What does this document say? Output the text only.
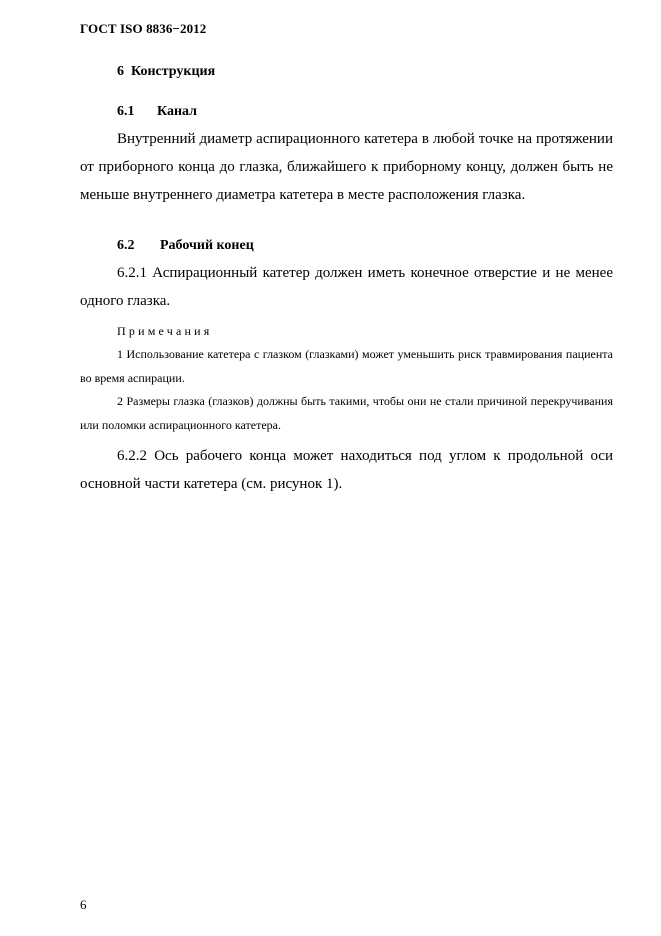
ГОСТ ISO 8836−2012
6  Конструкция
6.1 Канал

Внутренний диаметр аспирационного катетера в любой точке на протяжении от приборного конца до глазка, ближайшего к приборному концу, должен быть не меньше внутреннего диаметра катетера в месте расположения глазка.

6.2 Рабочий конец

6.2.1 Аспирационный катетер должен иметь конечное отверстие и не менее одного глазка.

Примечания

1 Использование катетера с глазком (глазками) может уменьшить риск травмирования пациента во время аспирации.

2 Размеры глазка (глазков) должны быть такими, чтобы они не стали причиной перекручивания или поломки аспирационного катетера.

6.2.2 Ось рабочего конца может находиться под углом к продольной оси основной части катетера (см. рисунок 1).

6
